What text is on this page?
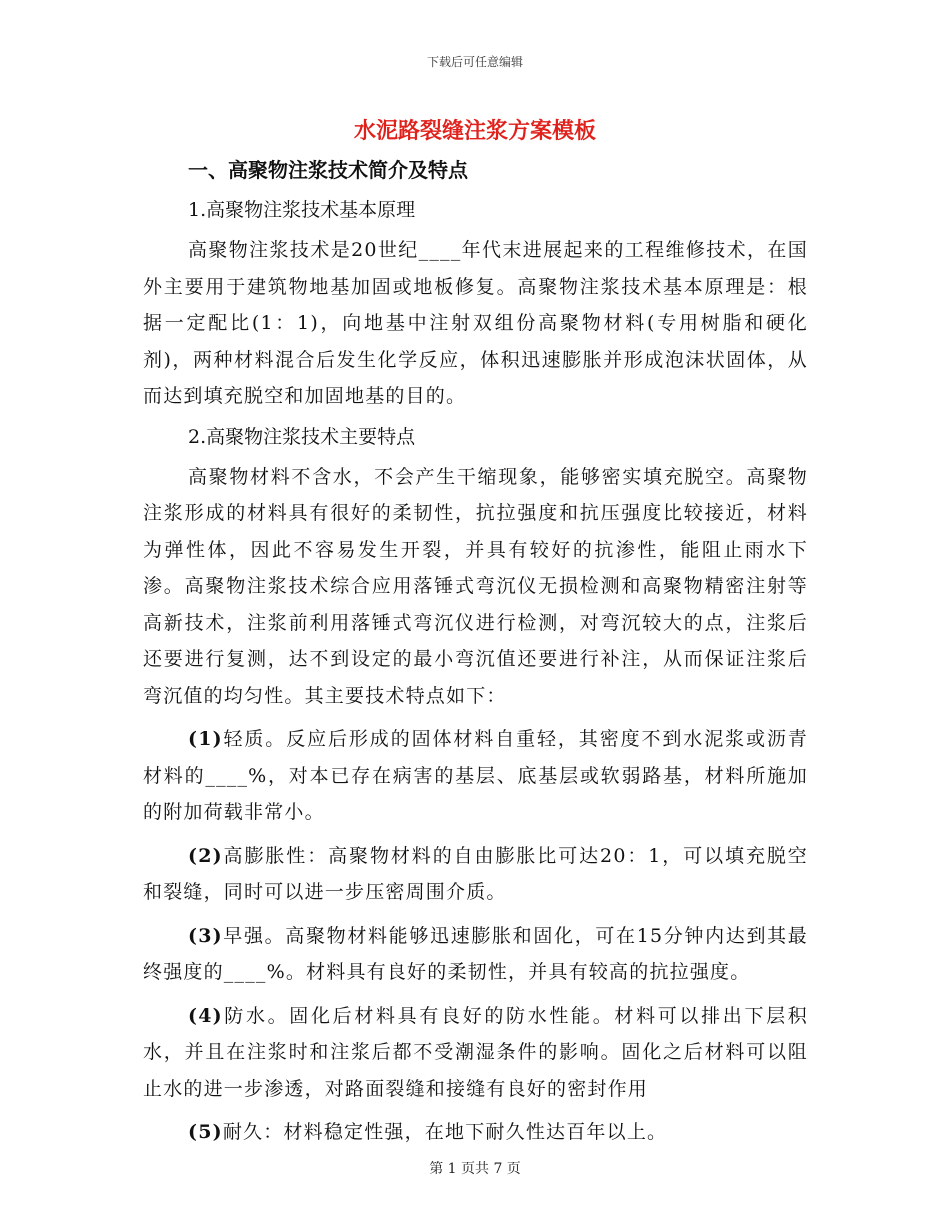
下载后可任意编辑
水泥路裂缝注浆方案模板

一、高聚物注浆技术简介及特点

1.高聚物注浆技术基本原理

高聚物注浆技术是20世纪____年代末进展起来的工程维修技术，在国外主要用于建筑物地基加固或地板修复。高聚物注浆技术基本原理是：根据一定配比(1：1)，向地基中注射双组份高聚物材料(专用树脂和硬化剂)，两种材料混合后发生化学反应，体积迅速膨胀并形成泡沫状固体，从而达到填充脱空和加固地基的目的。

2.高聚物注浆技术主要特点

高聚物材料不含水，不会产生干缩现象，能够密实填充脱空。高聚物注浆形成的材料具有很好的柔韧性，抗拉强度和抗压强度比较接近，材料为弹性体，因此不容易发生开裂，并具有较好的抗渗性，能阻止雨水下渗。高聚物注浆技术综合应用落锤式弯沉仪无损检测和高聚物精密注射等高新技术，注浆前利用落锤式弯沉仪进行检测，对弯沉较大的点，注浆后还要进行复测，达不到设定的最小弯沉值还要进行补注，从而保证注浆后弯沉值的均匀性。其主要技术特点如下：

(1)轻质。反应后形成的固体材料自重轻，其密度不到水泥浆或沥青材料的____%，对本已存在病害的基层、底基层或软弱路基，材料所施加的附加荷载非常小。

(2)高膨胀性：高聚物材料的自由膨胀比可达20：1，可以填充脱空和裂缝，同时可以进一步压密周围介质。

(3)早强。高聚物材料能够迅速膨胀和固化，可在15分钟内达到其最终强度的____%。材料具有良好的柔韧性，并具有较高的抗拉强度。

(4)防水。固化后材料具有良好的防水性能。材料可以排出下层积水，并且在注浆时和注浆后都不受潮湿条件的影响。固化之后材料可以阻止水的进一步渗透，对路面裂缝和接缝有良好的密封作用

(5)耐久：材料稳定性强，在地下耐久性达百年以上。

第 1 页共 7 页
